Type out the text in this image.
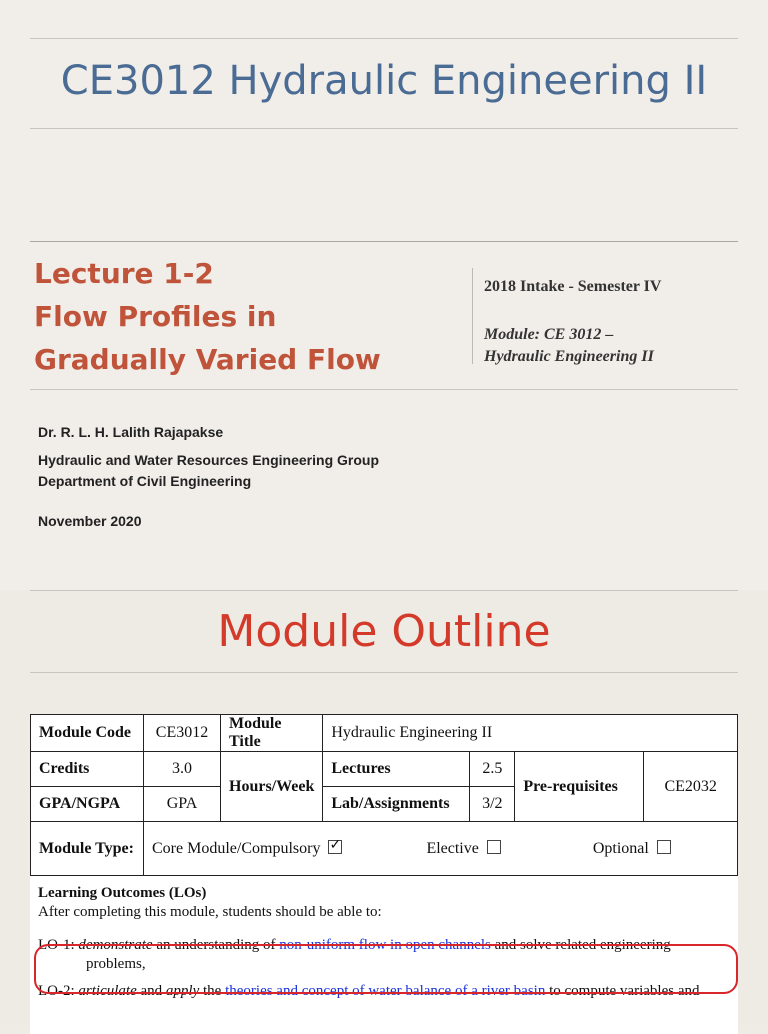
CE3012 Hydraulic Engineering II
Lecture 1-2
Flow Profiles in
Gradually Varied Flow
2018 Intake - Semester IV
Module: CE 3012 –
Hydraulic Engineering II
Dr. R. L. H. Lalith Rajapakse
Hydraulic and Water Resources Engineering Group
Department of Civil Engineering
November 2020
Module Outline
Module Code	CE3012	Module Title	Hydraulic Engineering II			
Credits	3.0	Hours/Week	Lectures	2.5	Pre-requisites	CE2032
GPA/NGPA	GPA		Lab/Assignments	3/2		
Module Type:	Core Module/Compulsory ✓ Elective Optional
Learning Outcomes (LOs)
After completing this module, students should be able to:
LO-1: demonstrate an understanding of non-uniform flow in open channels and solve related engineering
problems,
LO-2: articulate and apply the theories and concept of water balance of a river basin to compute variables and
